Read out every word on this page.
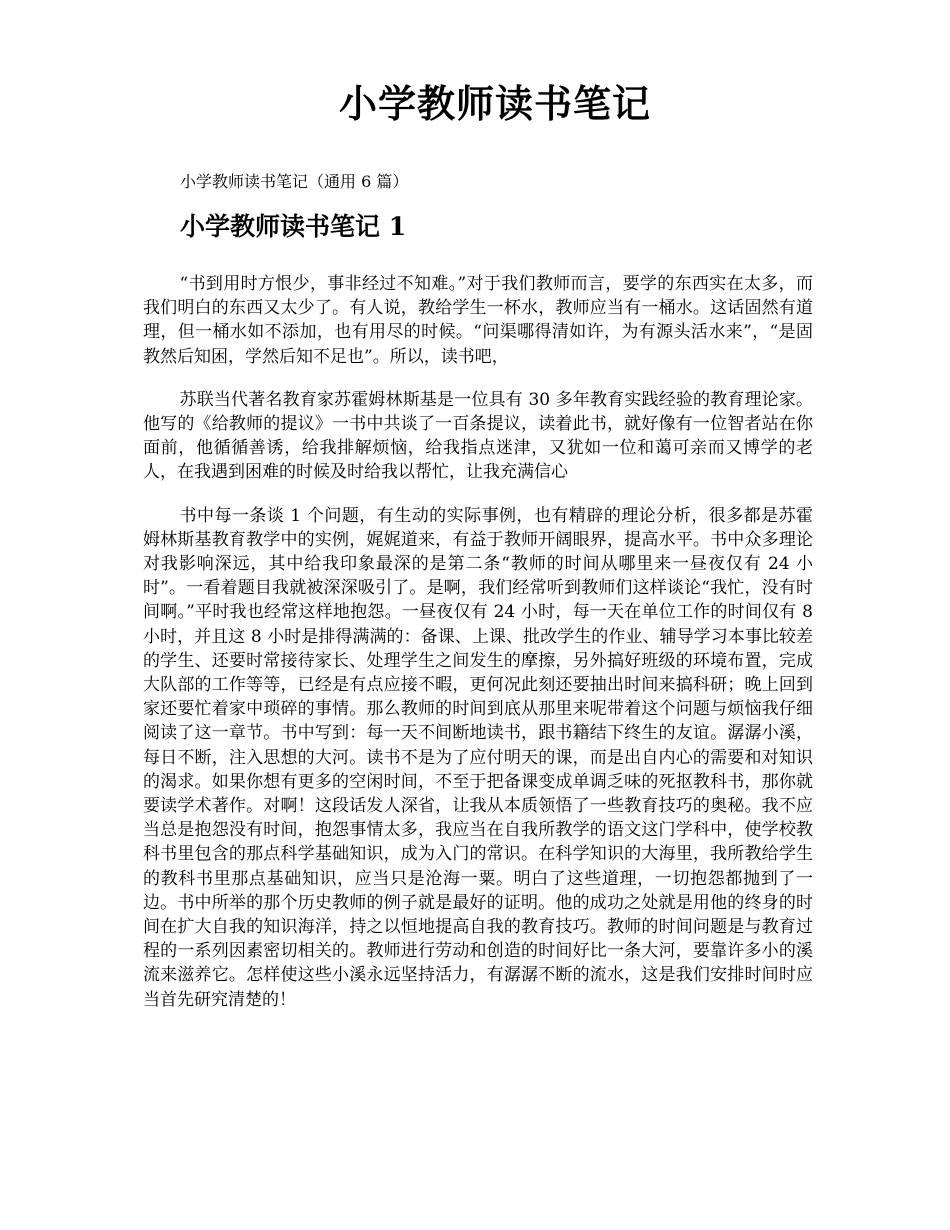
小学教师读书笔记

小学教师读书笔记（通用 6 篇）

小学教师读书笔记 1

“书到用时方恨少，事非经过不知难。”对于我们教师而言，要学的东西实在太多，而我们明白的东西又太少了。有人说，教给学生一杯水，教师应当有一桶水。这话固然有道理，但一桶水如不添加，也有用尽的时候。“问渠哪得清如许，为有源头活水来”，“是固教然后知困，学然后知不足也”。所以，读书吧，

苏联当代著名教育家苏霍姆林斯基是一位具有 30 多年教育实践经验的教育理论家。他写的《给教师的提议》一书中共谈了一百条提议，读着此书，就好像有一位智者站在你面前，他循循善诱，给我排解烦恼，给我指点迷津，又犹如一位和蔼可亲而又博学的老人，在我遇到困难的时候及时给我以帮忙，让我充满信心

书中每一条谈 1 个问题，有生动的实际事例，也有精辟的理论分析，很多都是苏霍姆林斯基教育教学中的实例，娓娓道来，有益于教师开阔眼界，提高水平。书中众多理论对我影响深远，其中给我印象最深的是第二条“教师的时间从哪里来一昼夜仅有 24 小时”。一看着题目我就被深深吸引了。是啊，我们经常听到教师们这样谈论“我忙，没有时间啊。”平时我也经常这样地抱怨。一昼夜仅有 24 小时，每一天在单位工作的时间仅有 8 小时，并且这 8 小时是排得满满的：备课、上课、批改学生的作业、辅导学习本事比较差的学生、还要时常接待家长、处理学生之间发生的摩擦，另外搞好班级的环境布置，完成大队部的工作等等，已经是有点应接不暇，更何况此刻还要抽出时间来搞科研；晚上回到家还要忙着家中琐碎的事情。那么教师的时间到底从那里来呢带着这个问题与烦恼我仔细阅读了这一章节。书中写到：每一天不间断地读书，跟书籍结下终生的友谊。潺潺小溪，每日不断，注入思想的大河。读书不是为了应付明天的课，而是出自内心的需要和对知识的渴求。如果你想有更多的空闲时间，不至于把备课变成单调乏味的死抠教科书，那你就要读学术著作。对啊！这段话发人深省，让我从本质领悟了一些教育技巧的奥秘。我不应当总是抱怨没有时间，抱怨事情太多，我应当在自我所教学的语文这门学科中，使学校教科书里包含的那点科学基础知识，成为入门的常识。在科学知识的大海里，我所教给学生的教科书里那点基础知识，应当只是沧海一粟。明白了这些道理，一切抱怨都抛到了一边。书中所举的那个历史教师的例子就是最好的证明。他的成功之处就是用他的终身的时间在扩大自我的知识海洋，持之以恒地提高自我的教育技巧。教师的时间问题是与教育过程的一系列因素密切相关的。教师进行劳动和创造的时间好比一条大河，要靠许多小的溪流来滋养它。怎样使这些小溪永远坚持活力，有潺潺不断的流水，这是我们安排时间时应当首先研究清楚的！
